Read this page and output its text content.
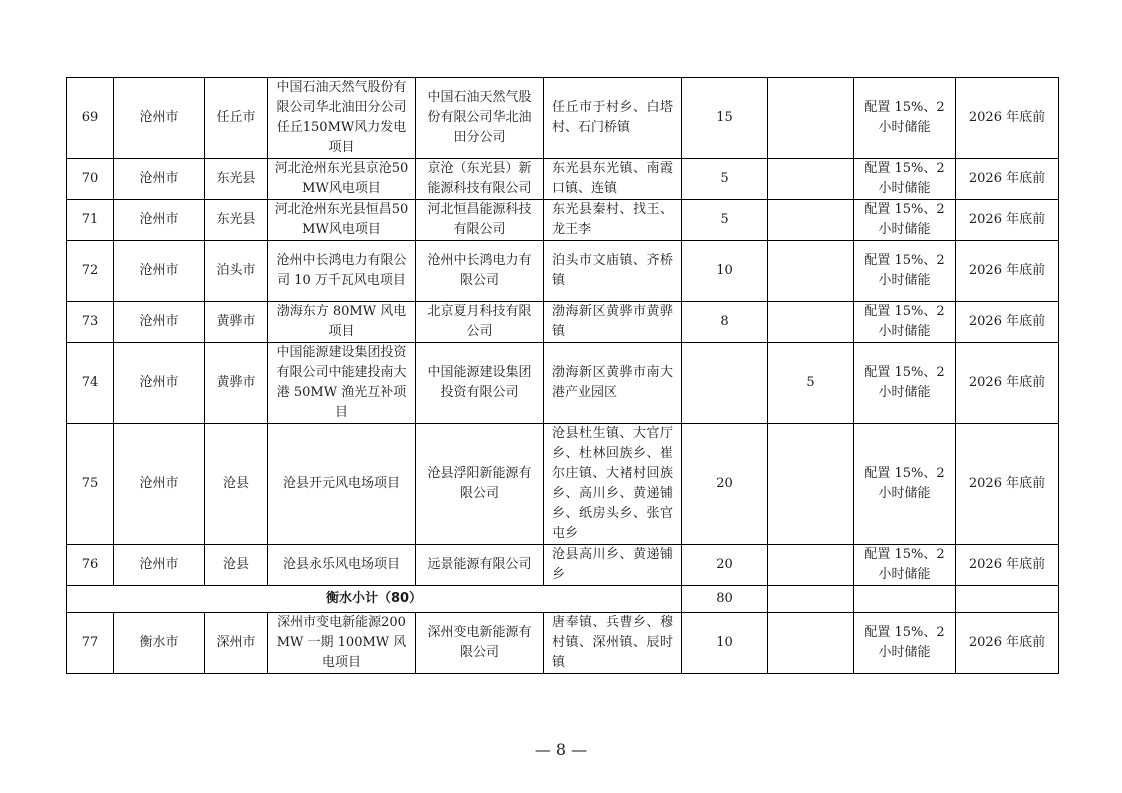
69	沧州市	任丘市	中国石油天然气股份有限公司华北油田分公司任丘150MW风力发电项目	中国石油天然气股份有限公司华北油田分公司	任丘市于村乡、白塔村、石门桥镇	15		配置 15%、2 小时储能	2026 年底前
70	沧州市	东光县	河北沧州东光县京沧50MW风电项目	京沧（东光县）新能源科技有限公司	东光县东光镇、南霞口镇、连镇	5		配置 15%、2 小时储能	2026 年底前
71	沧州市	东光县	河北沧州东光县恒昌50MW风电项目	河北恒昌能源科技有限公司	东光县秦村、找王、龙王李	5		配置 15%、2 小时储能	2026 年底前
72	沧州市	泊头市	沧州中长鸿电力有限公司 10 万千瓦风电项目	沧州中长鸿电力有限公司	泊头市文庙镇、齐桥镇	10		配置 15%、2 小时储能	2026 年底前
73	沧州市	黄骅市	渤海东方 80MW 风电项目	北京夏月科技有限公司	渤海新区黄骅市黄骅镇	8		配置 15%、2 小时储能	2026 年底前
74	沧州市	黄骅市	中国能源建设集团投资有限公司中能建投南大港 50MW 渔光互补项目	中国能源建设集团投资有限公司	渤海新区黄骅市南大港产业园区		5	配置 15%、2 小时储能	2026 年底前
75	沧州市	沧县	沧县开元风电场项目	沧县浮阳新能源有限公司	沧县杜生镇、大官厅乡、杜林回族乡、崔尔庄镇、大褚村回族乡、高川乡、黄递铺乡、纸房头乡、张官屯乡	20		配置 15%、2 小时储能	2026 年底前
76	沧州市	沧县	沧县永乐风电场项目	远景能源有限公司	沧县高川乡、黄递铺乡	20		配置 15%、2 小时储能	2026 年底前
衡水小计（80）						80			
77	衡水市	深州市	深州市变电新能源200MW 一期 100MW 风电项目	深州变电新能源有限公司	唐奉镇、兵曹乡、穆村镇、深州镇、辰时镇	10		配置 15%、2 小时储能	2026 年底前
— 8 —
